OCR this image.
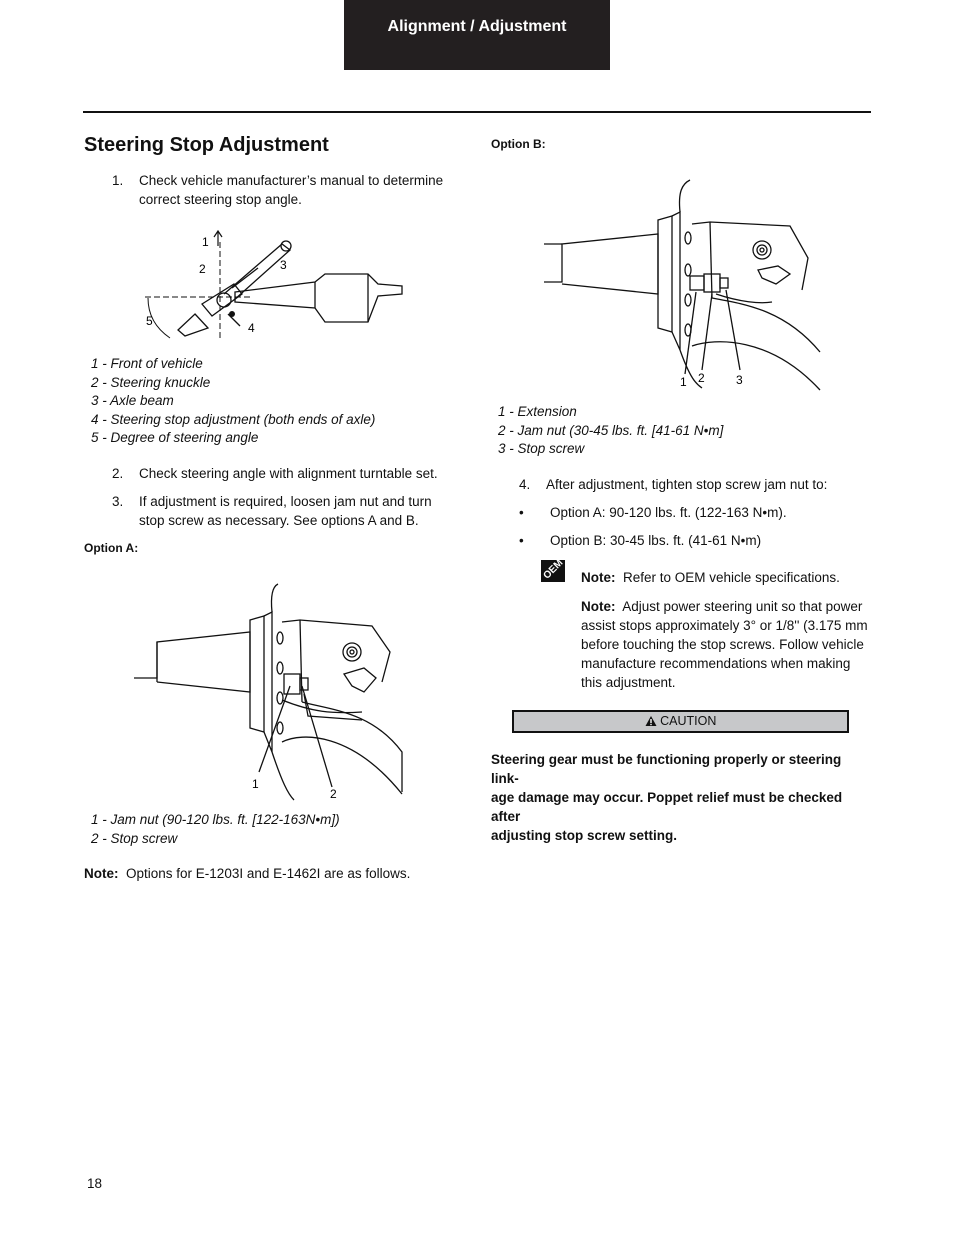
Alignment / Adjustment
Steering Stop Adjustment
1. Check vehicle manufacturer’s manual to determine
correct steering stop angle.
1
2	3
4
5
1 - Front of vehicle
2 - Steering knuckle
3 - Axle beam
4 - Steering stop adjustment (both ends of axle)
5 - Degree of steering angle
2. Check steering angle with alignment turntable set.
3. If adjustment is required, loosen jam nut and turn
stop screw as necessary. See options A and B.
Option A:
1
2
1 - Jam nut (90-120 lbs. ft. [122-163N•m])
2 - Stop screw
Note: Options for E-1203I and E-1462I are as follows.
Option B:
1 2	3
1 - Extension
2 - Jam nut (30-45 lbs. ft. [41-61 N•m]
3 - Stop screw
4. After adjustment, tighten stop screw jam nut to:
• Option A: 90-120 lbs. ft. (122-163 N•m).
• Option B: 30-45 lbs. ft. (41-61 N•m)
OEM Note: Refer to OEM vehicle specifications.
Note: Adjust power steering unit so that power
assist stops approximately 3° or 1/8'' (3.175 mm
before touching the stop screws. Follow vehicle
manufacture recommendations when making
this adjustment.
CAUTION
Steering gear must be functioning properly or steering link-
age damage may occur. Poppet relief must be checked after
adjusting stop screw setting.
18
